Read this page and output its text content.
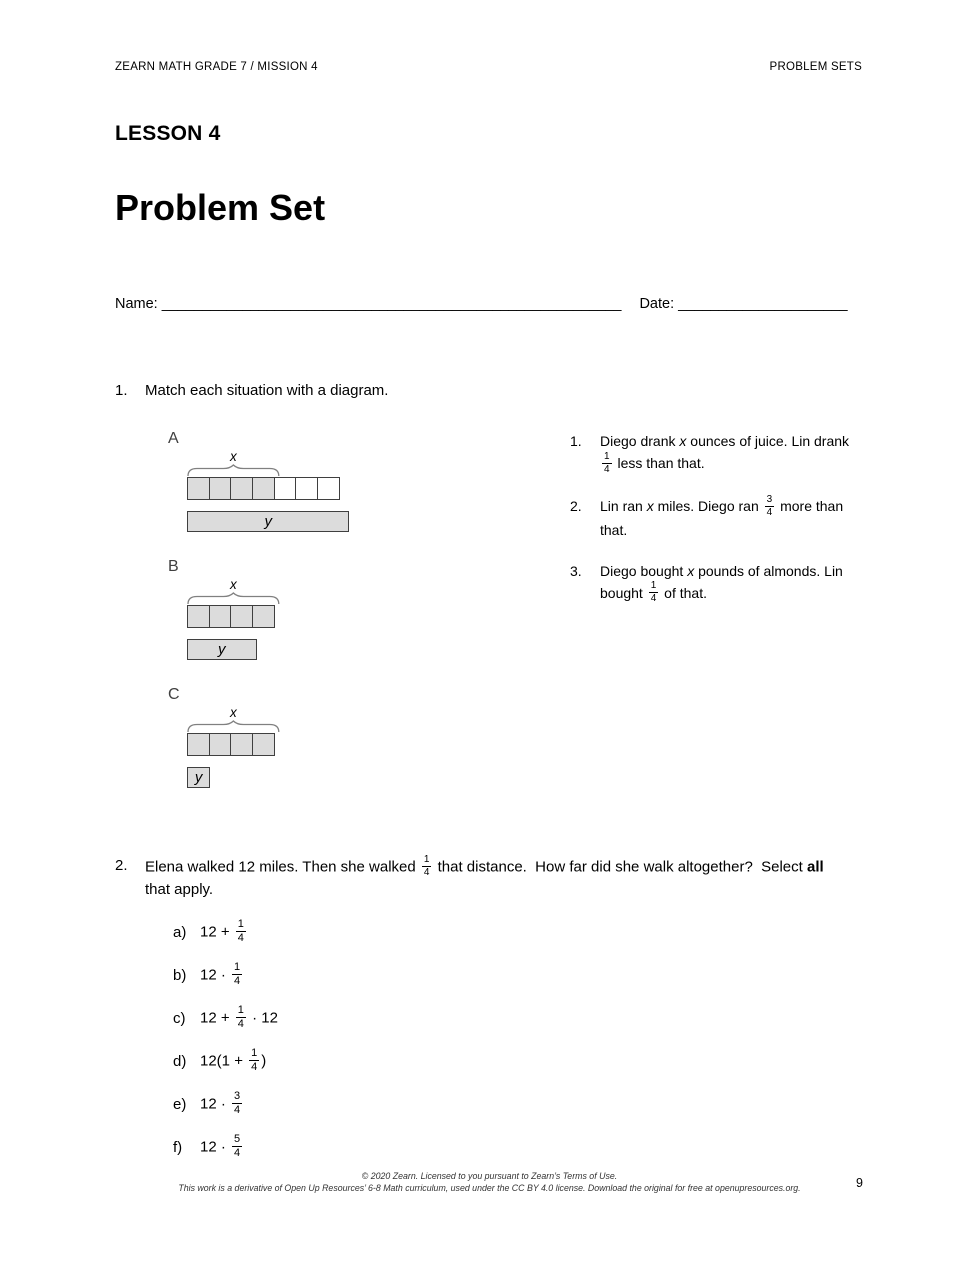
ZEARN MATH GRADE 7 / MISSION 4	PROBLEM SETS
LESSON 4
Problem Set
Name: _________________________________________________________ Date: _____________________
1.	Match each situation with a diagram.
A
x
y
B
x
y
C
x
y
1.	Diego drank x ounces of juice. Lin drank
$\frac{1}{4}$ less than that.
2.	Lin ran x miles. Diego ran $\frac{3}{4}$ more than that.
3.	Diego bought x pounds of almonds. Lin bought $\frac{1}{4}$ of that.
2.	Elena walked 12 miles. Then she walked $\frac{1}{4}$ that distance.  How far did she walk altogether?  Select all that apply.
a) $12 + \frac{1}{4}$
b) $12 \cdot \frac{1}{4}$
c) $12 + \frac{1}{4} \cdot 12$
d) $12(1 + \frac{1}{4}$ )
e) $12 \cdot \frac{3}{4}$
f)	$12 \cdot \frac{5}{4}$
© 2020 Zearn. Licensed to you pursuant to Zearn’s Terms of Use.
This work is a derivative of Open Up Resources’ 6-8 Math curriculum, used under the CC BY 4.0 license. Download the original for free at openupresources.org.	9
